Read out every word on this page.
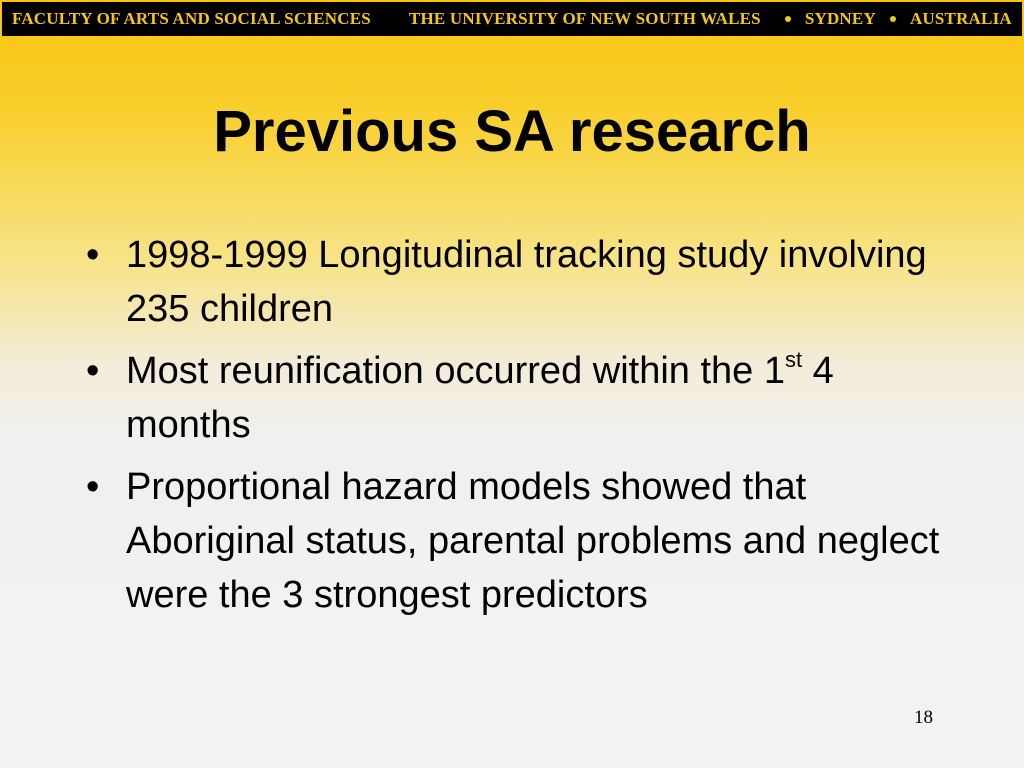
FACULTY OF ARTS AND SOCIAL SCIENCES THE UNIVERSITY OF NEW SOUTH WALES	SYDNEY AUSTRALIA
Previous SA research
• 1998-1999 Longitudinal tracking study involving 235 children
• Most reunification occurred within the 1st 4 months
• Proportional hazard models showed that Aboriginal status, parental problems and neglect were the 3 strongest predictors
18
